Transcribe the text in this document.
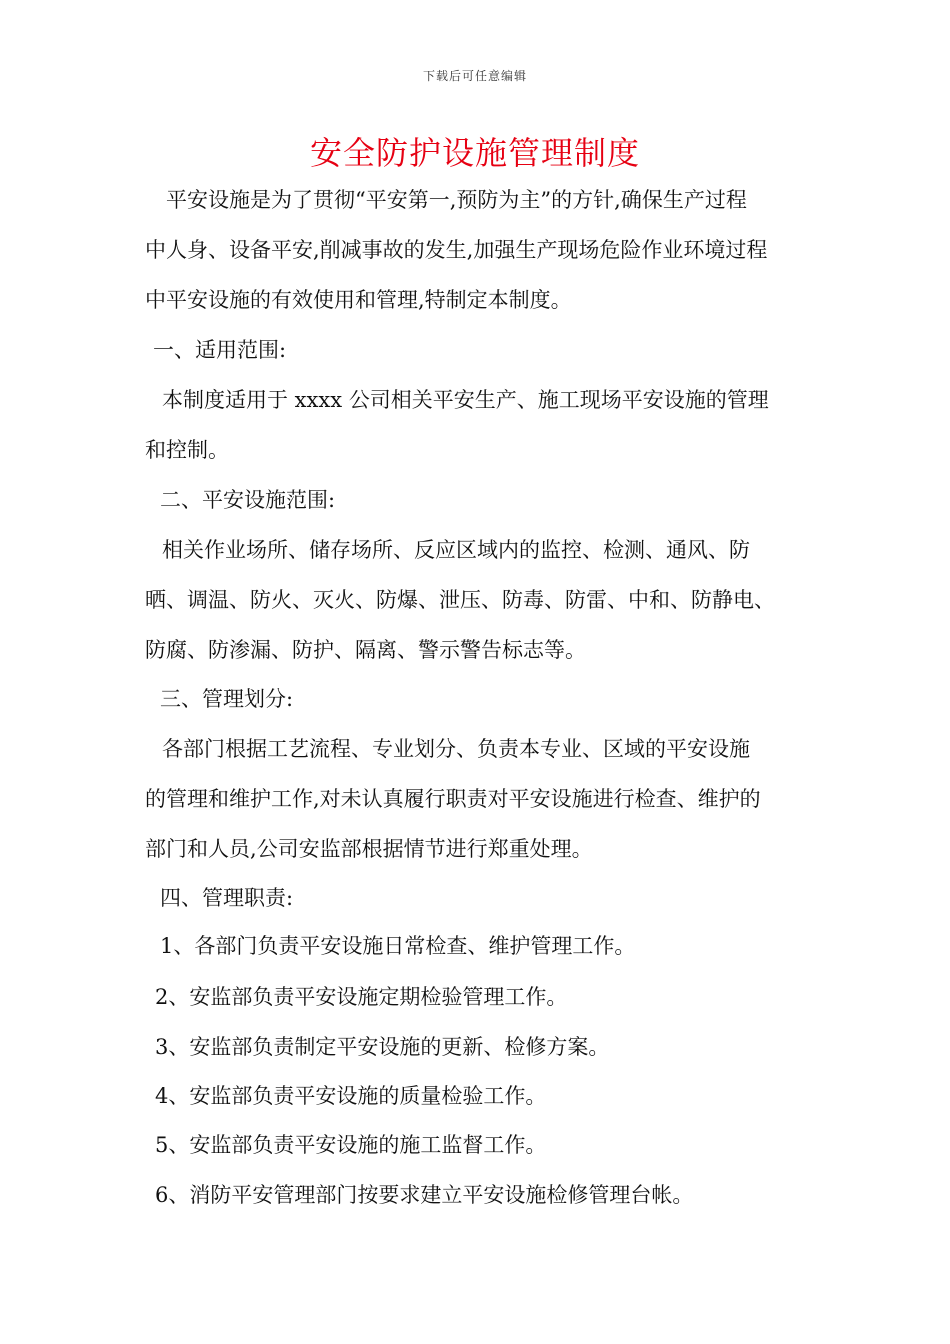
下载后可任意编辑
安全防护设施管理制度
平安设施是为了贯彻“平安第一,预防为主”的方针,确保生产过程
中人身、设备平安,削减事故的发生,加强生产现场危险作业环境过程
中平安设施的有效使用和管理,特制定本制度。
一、适用范围:
本制度适用于 xxxx 公司相关平安生产、施工现场平安设施的管理
和控制。
二、平安设施范围:
相关作业场所、储存场所、反应区域内的监控、检测、通风、防
晒、调温、防火、灭火、防爆、泄压、防毒、防雷、中和、防静电、
防腐、防渗漏、防护、隔离、警示警告标志等。
三、管理划分:
各部门根据工艺流程、专业划分、负责本专业、区域的平安设施
的管理和维护工作,对未认真履行职责对平安设施进行检查、维护的
部门和人员,公司安监部根据情节进行郑重处理。
四、管理职责:
1、各部门负责平安设施日常检查、维护管理工作。
2、安监部负责平安设施定期检验管理工作。
3、安监部负责制定平安设施的更新、检修方案。
4、安监部负责平安设施的质量检验工作。
5、安监部负责平安设施的施工监督工作。
6、消防平安管理部门按要求建立平安设施检修管理台帐。
